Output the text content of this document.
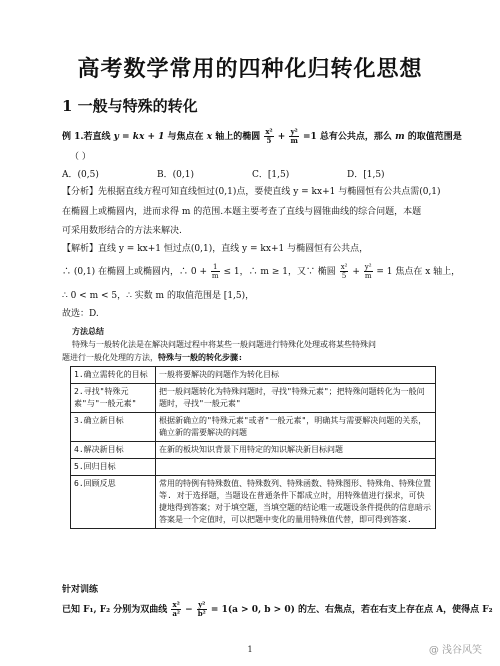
高考数学常用的四种化归转化思想
1 一般与特殊的转化
例 1.若直线 y = kx + 1 与焦点在 x 轴上的椭圆 $\frac{\text{x²}}{5} + \frac{\text{y²}}{m} =1$ 总有公共点，那么 m 的取值范围是
（ ）
A．(0,5)	B．(0,1)	C．[1,5)	D．[1,5)
【分析】先根据直线方程可知直线恒过(0,1)点，要使直线 y = kx+1 与椭圆恒有公共点需(0,1)
在椭圆上或椭圆内，进而求得 m 的范围.本题主要考查了直线与圆锥曲线的综合问题，本题
可采用数形结合的方法来解决.
【解析】直线 y = kx+1 恒过点(0,1)，直线 y = kx+1 与椭圆恒有公共点，
∴ (0,1) 在椭圆上或椭圆内，∴ $0 + \frac{1}{m} \le 1$，∴ m ≥ 1，又∵ 椭圆 $\frac{\text{x²}}{5} + \frac{\text{y²}}{m} = 1$ 焦点在 x 轴上，
∴ 0 < m < 5，∴ 实数 m 的取值范围是 [1,5)，
故选：D.
方法总结
特殊与一般转化法是在解决问题过程中将某些一般问题进行特殊化处理或将某些特殊问
题进行一般化处理的方法，特殊与一般的转化步骤:
1.确立需转化的目标	一般将要解决的问题作为转化目标
2.寻找"特殊元素"与"一般元素"	把一般问题转化为特殊问题时，寻找"特殊元素"；把特殊问题转化为一般问题时，寻找"一般元素"
3.确立新目标	根据新确立的"特殊元素"或者"一般元素"，明确其与需要解决问题的关系，确立新的需要解决的问题
4.解决新目标	在新的板块知识背景下用特定的知识解决新目标问题
5.回归目标	
6.回顾反思	常用的特例有特殊数值、特殊数列、特殊函数、特殊图形、特殊角、特殊位置等. 对于选择题，当题设在普通条件下都成立时，用特殊值进行探求，可快捷地得到答案；对于填空题，当填空题的结论唯一或题设条件提供的信息暗示答案是一个定值时，可以把题中变化的量用特殊值代替，即可得到答案.
针对训练
已知 F₁, F₂ 分别为双曲线 $\frac{\text{x²}}{\text{a²}} - \frac{\text{y²}}{\text{b²}} = 1(a > 0$, b > 0) 的左、右焦点，若在右支上存在点 A，使得点 F₂
1	@ 浅谷风笑
